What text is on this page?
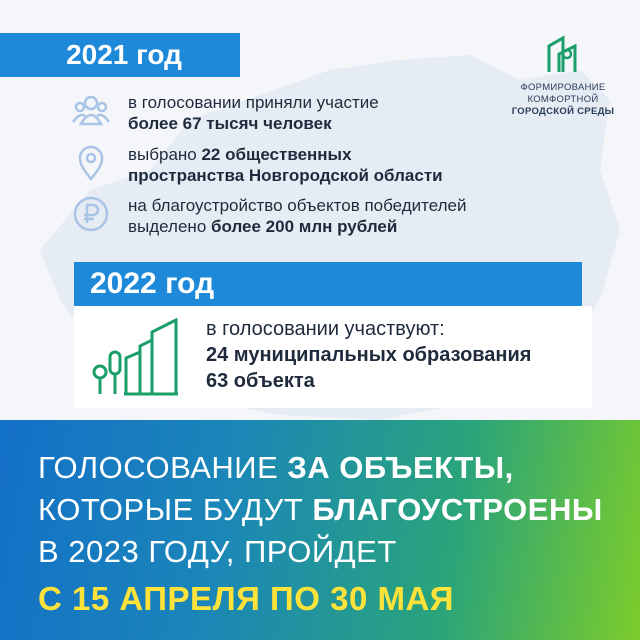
2021 год
ФОРМИРОВАНИЕ
КОМФОРТНОЙ
ГОРОДСКОЙ СРЕДЫ
в голосовании приняли участие
более 67 тысяч человек
выбрано 22 общественных
пространства Новгородской области
на благоустройство объектов победителей
выделено более 200 млн рублей
2022 год
в голосовании участвуют:
24 муниципальных образования
63 объекта
ГОЛОСОВАНИЕ ЗА ОБЪЕКТЫ,
КОТОРЫЕ БУДУТ БЛАГОУСТРОЕНЫ
В 2023 ГОДУ, ПРОЙДЕТ
С 15 АПРЕЛЯ ПО 30 МАЯ
